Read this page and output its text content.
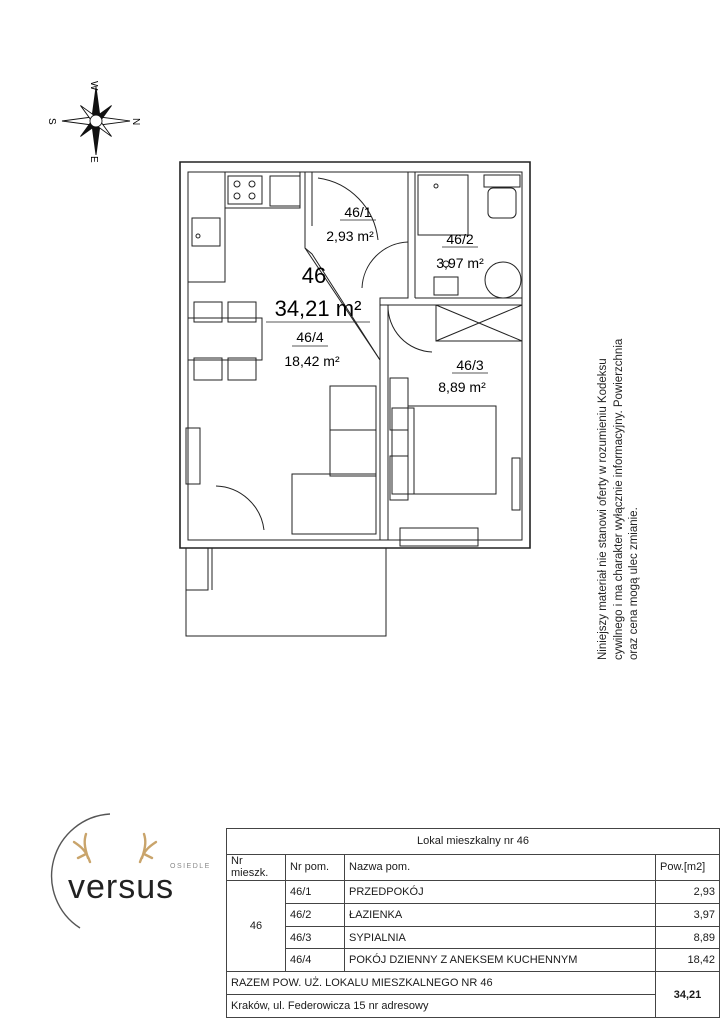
W
S	N
E
46/1
2,93 m²	46/2
3,97 m²
46
34,21 m²
46/4
18,42 m²	46/3
8,89 m²	Niniejszy materiał nie stanowi oferty w rozumieniu Kodeksu cywilnego i ma charakter wyłącznie informacyjny. Powierzchnia oraz cena mogą ulec zmianie.
OSIEDLE
versus
Lokal mieszkalny nr 46			
Nr mieszk.	Nr pom.	Nazwa pom.	Pow.[m2]
46	46/1	PRZEDPOKÓJ	2,93
	46/2	ŁAZIENKA	3,97
	46/3	SYPIALNIA	8,89
	46/4	POKÓJ DZIENNY Z ANEKSEM KUCHENNYM	18,42
RAZEM POW. UŻ. LOKALU MIESZKALNEGO NR 46			34,21
Kraków, ul. Federowicza 15 nr adresowy			
